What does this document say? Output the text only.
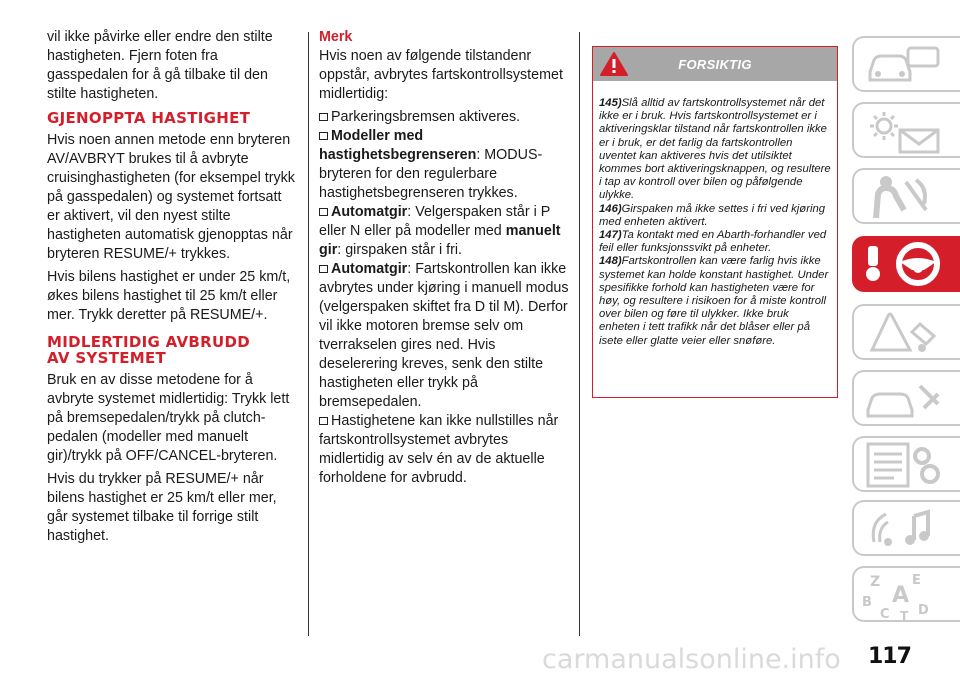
vil ikke påvirke eller endre den stilte hastigheten. Fjern foten fra gasspedalen for å gå tilbake til den stilte hastigheten.

GJENOPPTA HASTIGHET

Hvis noen annen metode enn bryteren AV/AVBRYT brukes til å avbryte cruisinghastigheten (for eksempel trykk på gasspedalen) og systemet fortsatt er aktivert, vil den nyest stilte hastigheten automatisk gjenopptas når bryteren RESUME/+ trykkes.

Hvis bilens hastighet er under 25 km/t, økes bilens hastighet til 25 km/t eller mer. Trykk deretter på RESUME/+.

MIDLERTIDIG AVBRUDD
AV SYSTEMET

Bruk en av disse metodene for å avbryte systemet midlertidig: Trykk lett på bremsepedalen/trykk på clutch-pedalen (modeller med manuelt gir)/trykk på OFF/CANCEL-bryteren.

Hvis du trykker på RESUME/+ når bilens hastighet er 25 km/t eller mer, går systemet tilbake til forrige stilt hastighet.

Merk

Hvis noen av følgende tilstandenr oppstår, avbrytes fartskontrollsystemet midlertidig:

Parkeringsbremsen aktiveres.
Modeller med hastighetsbegrenseren: MODUS-bryteren for den regulerbare hastighetsbegrenseren trykkes.
Automatgir: Velgerspaken står i P eller N eller på modeller med manuelt gir: girspaken står i fri.
Automatgir: Fartskontrollen kan ikke avbrytes under kjøring i manuell modus (velgerspaken skiftet fra D til M). Derfor vil ikke motoren bremse selv om tverrakselen gires ned. Hvis deselerering kreves, senk den stilte hastigheten eller trykk på bremsepedalen.
Hastighetene kan ikke nullstilles når fartskontrollsystemet avbrytes midlertidig av selv én av de aktuelle forholdene for avbrudd.
FORSIKTIG

145)Slå alltid av fartskontrollsystemet når det ikke er i bruk. Hvis fartskontrollsystemet er i aktiveringsklar tilstand når fartskontrollen ikke er i bruk, er det farlig da fartskontrollen uventet kan aktiveres hvis det utilsiktet kommes bort aktiveringsknappen, og resultere i tap av kontroll over bilen og påfølgende ulykke.

146)Girspaken må ikke settes i fri ved kjøring med enheten aktivert.

147)Ta kontakt med en Abarth-forhandler ved feil eller funksjonssvikt på enheter.

148)Fartskontrollen kan være farlig hvis ikke systemet kan holde konstant hastighet. Under spesifikke forhold kan hastigheten være for høy, og resultere i risikoen for å miste kontroll over bilen og føre til ulykker. Ikke bruk enheten i tett trafikk når det blåser eller på isete eller glatte veier eller snøføre.

Z E
B A
C T D
117
carmanualsonline.info
